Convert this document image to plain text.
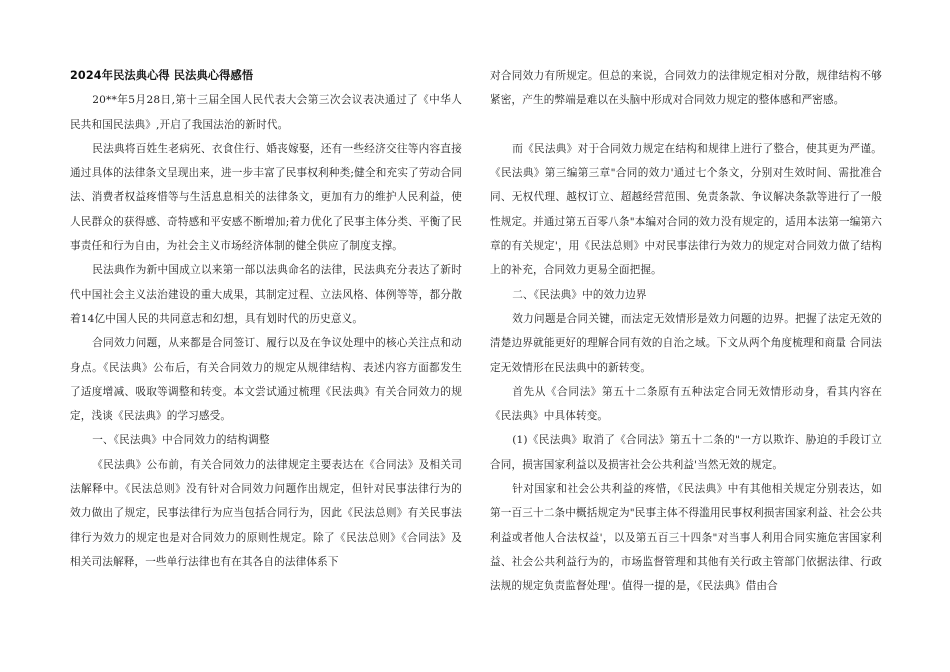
2024年民法典心得 民法典心得感悟

20**年5月28日,第十三届全国人民代表大会第三次会议表决通过了《中华人民共和国民法典》,开启了我国法治的新时代。

民法典将百姓生老病死、衣食住行、婚丧嫁娶，还有一些经济交往等内容直接通过具体的法律条文呈现出来，进一步丰富了民事权利种类;健全和充实了劳动合同法、消费者权益疼惜等与生活息息相关的法律条文，更加有力的维护人民利益，使人民群众的获得感、奇特感和平安感不断增加;着力优化了民事主体分类、平衡了民事责任和行为自由，为社会主义市场经济体制的健全供应了制度支撑。

民法典作为新中国成立以来第一部以法典命名的法律，民法典充分表达了新时代中国社会主义法治建设的重大成果，其制定过程、立法风格、体例等等，都分散着14亿中国人民的共同意志和幻想，具有划时代的历史意义。

合同效力问题，从来都是合同签订、履行以及在争议处理中的核心关注点和动身点。《民法典》公布后，有关合同效力的规定从规律结构、表述内容方面都发生了适度增减、吸取等调整和转变。本文尝试通过梳理《民法典》有关合同效力的规定，浅谈《民法典》的学习感受。

一、《民法典》中合同效力的结构调整

《民法典》公布前，有关合同效力的法律规定主要表达在《合同法》及相关司法解释中。《民法总则》没有针对合同效力问题作出规定，但针对民事法律行为的效力做出了规定，民事法律行为应当包括合同行为，因此《民法总则》有关民事法律行为效力的规定也是对合同效力的原则性规定。除了《民法总则》《合同法》及相关司法解释，一些单行法律也有在其各自的法律体系下

对合同效力有所规定。但总的来说，合同效力的法律规定相对分散，规律结构不够紧密，产生的弊端是难以在头脑中形成对合同效力规定的整体感和严密感。

而《民法典》对于合同效力规定在结构和规律上进行了整合，使其更为严谨。《民法典》第三编第三章"合同的效力'通过七个条文，分别对生效时间、需批准合同、无权代理、越权订立、超越经营范围、免责条款、争议解决条款等进行了一般性规定。并通过第五百零八条"本编对合同的效力没有规定的，适用本法第一编第六章的有关规定'，用《民法总则》中对民事法律行为效力的规定对合同效力做了结构上的补充，合同效力更易全面把握。

二、《民法典》中的效力边界

效力问题是合同关键，而法定无效情形是效力问题的边界。把握了法定无效的清楚边界就能更好的理解合同有效的自治之域。下文从两个角度梳理和商量 合同法定无效情形在民法典中的新转变。

首先从《合同法》第五十二条原有五种法定合同无效情形动身，看其内容在《民法典》中具体转变。

(1)《民法典》取消了《合同法》第五十二条的"一方以欺诈、胁迫的手段订立合同，损害国家利益以及损害社会公共利益'当然无效的规定。

针对国家和社会公共利益的疼惜，《民法典》中有其他相关规定分别表达，如第一百三十二条中概括规定为"民事主体不得滥用民事权利损害国家利益、社会公共利益或者他人合法权益'，以及第五百三十四条"对当事人利用合同实施危害国家利益、社会公共利益行为的，市场监督管理和其他有关行政主管部门依据法律、行政法规的规定负责监督处理'。值得一提的是，《民法典》借由合
